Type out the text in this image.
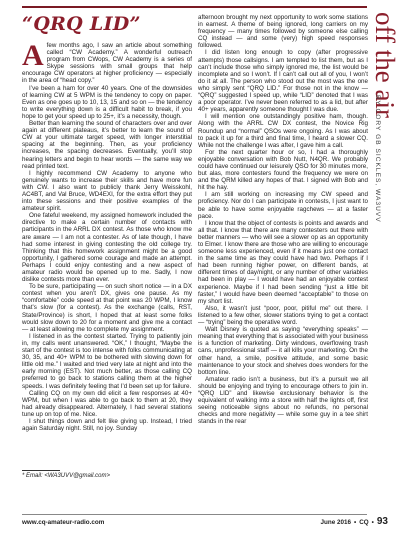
“QRQ LID”	off the air
BY CORY GB SICKLES, WA3UVV
A few months ago, I saw an article about something called “CW Academy.” A wonderful outreach program from CWops, CW Academy is a series of Skype sessions with small groups that help encourage CW operators at higher proficiency — especially in the area of “head copy.”

I’ve been a ham for over 40 years. One of the downsides of learning CW at 5 WPM is the tendency to copy on paper. Even as one goes up to 10, 13, 15 and so on — the tendency to write everything down is a difficult habit to break, if you hope to get your speed up to 25+, it’s a necessity, though.

Better than learning the sound of characters over and over again at different plateaus, it’s better to learn the sound of CW at your ultimate target speed, with longer interstitial spacing at the beginning. Then, as your proficiency increases, the spacing decreases. Eventually, you’ll stop hearing letters and begin to hear words — the same way we read printed text.

I highly recommend CW Academy to anyone who genuinely wants to increase their skills and have more fun with CW. I also want to publicly thank Jerry Weisskohl, AC4BT, and Val Bruce, WD4EXI, for the extra effort they put into these sessions and their positive examples of the amateur spirit.

One fateful weekend, my assigned homework included the directive to make a certain number of contacts with participants in the ARRL DX contest. As those who know me are aware — I am not a contester. As of late though, I have had some interest in giving contesting the old college try. Thinking that this homework assignment might be a good opportunity, I gathered some courage and made an attempt. Perhaps I could enjoy contesting and a new aspect of amateur radio would be opened up to me. Sadly, I now dislike contests more than ever.

To be sure, participating — on such short notice — in a DX contest when you aren’t DX, gives one pause. As my “comfortable” code speed at that point was 20 WPM, I know that’s slow (for a contest). As the exchange (calls, RST, State/Province) is short, I hoped that at least some folks would slow down to 20 for a moment and give me a contact — at least allowing me to complete my assignment.

I listened in as the contest started. Trying to patiently join in, my calls went unanswered. “OK,” I thought, “Maybe the start of the contest is too intense with folks communicating at 30, 35, and 40+ WPM to be bothered with slowing down for little old me.” I waited and tried very late at night and into the early morning (EST). Not much better, as those calling CQ preferred to go back to stations calling them at the higher speeds. I was definitely feeling that I’d been set up for failure.

Calling CQ on my own did elicit a few responses at 40+ WPM, but when I was able to go back to them at 20, they had already disappeared. Alternately, I had several stations tune up on top of me. Nice.

I shut things down and felt like giving up. Instead, I tried again Saturday night. Still, no joy. Sunday

* Email: <WA3UVV@gmail.com>

afternoon brought my next opportunity to work some stations in earnest. A theme of being ignored, long carriers on my frequency — many times followed by someone else calling CQ instead — and some (very) high speed responses followed.

I did listen long enough to copy (after progressive attempts) those callsigns. I am tempted to list them, but as I can’t include those who simply ignored me, the list would be incomplete and so I won’t. If I can’t call out all of you, I won’t do it at all. The person who stood out the most was the one who simply sent “QRQ LID.” For those not in the know — “QRQ” suggested I speed up, while “LID” denoted that I was a poor operator. I’ve never been referred to as a lid, but after 40+ years, apparently someone thought I was due.

I will mention one outstandingly positive ham, though. Along with the ARRL CW DX contest, the Novice Rig Roundup and “normal” QSOs were ongoing. As I was about to pack it up for a third and final time, I heard a slower CQ. While not the challenge I was after, I gave him a call.

For the next quarter hour or so, I had a thoroughly enjoyable conversation with Bob Nutt, N4QR. We probably could have continued our leisurely QSO for 30 minutes more, but alas, more contesters found the frequency we were on and the QRM killed any hopes of that. I signed with Bob and hit the hay.

I am still working on increasing my CW speed and proficiency. Nor do I can participate in contests, I just want to be able to have some enjoyable ragchews — at a faster pace.

I know that the object of contests is points and awards and all that. I know that there are many contesters out there with better manners — who will see a slower op as an opportunity to Elmer. I know there are those who are willing to encourage someone less experienced, even if it means just one contact in the same time as they could have had two. Perhaps if I had been running higher power, on different bands, at different times of day/night, or any number of other variables had been in play — I would have had an enjoyable contest experience. Maybe if I had been sending “just a little bit faster,” I would have been deemed “acceptable” to those on my short list.

Also, it wasn’t just “poor, poor, pitiful me” out there. I listened to a few other, slower stations trying to get a contact — “trying” being the operative word.

Walt Disney is quoted as saying “everything speaks” — meaning that everything that is associated with your business is a function of marketing. Dirty windows, overflowing trash cans, unprofessional staff — it all kills your marketing. On the other hand, a smile, positive attitude, and some basic maintenance to your stock and shelves does wonders for the bottom line.

Amateur radio isn’t a business, but it’s a pursuit we all should be enjoying and trying to encourage others to join in. “QRQ LID” and likewise exclusionary behavior is the equivalent of walking into a store with half the lights off, first seeing noticeable signs about no refunds, no personal checks and more negativity — while some guy in a tee shirt stands in the rear

www.cq-amateur-radio.com	June 2016 • CQ • 93
